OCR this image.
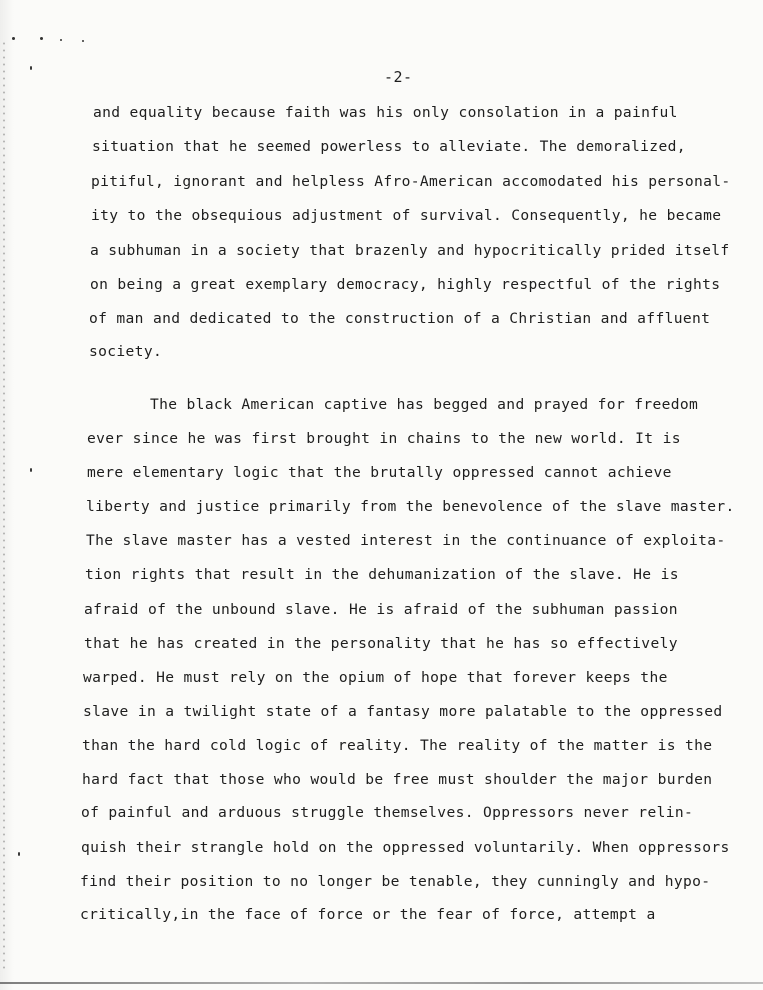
-2-
and equality because faith was his only consolation in a painful
situation that he seemed powerless to alleviate. The demoralized,
pitiful, ignorant and helpless Afro-American accomodated his personal-
ity to the obsequious adjustment of survival. Consequently, he became
a subhuman in a society that brazenly and hypocritically prided itself
on being a great exemplary democracy, highly respectful of the rights
of man and dedicated to the construction of a Christian and affluent
society.
The black American captive has begged and prayed for freedom
ever since he was first brought in chains to the new world. It is
mere elementary logic that the brutally oppressed cannot achieve
liberty and justice primarily from the benevolence of the slave master.
The slave master has a vested interest in the continuance of exploita-
tion rights that result in the dehumanization of the slave. He is
afraid of the unbound slave. He is afraid of the subhuman passion
that he has created in the personality that he has so effectively
warped. He must rely on the opium of hope that forever keeps the
slave in a twilight state of a fantasy more palatable to the oppressed
than the hard cold logic of reality. The reality of the matter is the
hard fact that those who would be free must shoulder the major burden
of painful and arduous struggle themselves. Oppressors never relin-
quish their strangle hold on the oppressed voluntarily. When oppressors
find their position to no longer be tenable, they cunningly and hypo-
critically,in the face of force or the fear of force, attempt a
